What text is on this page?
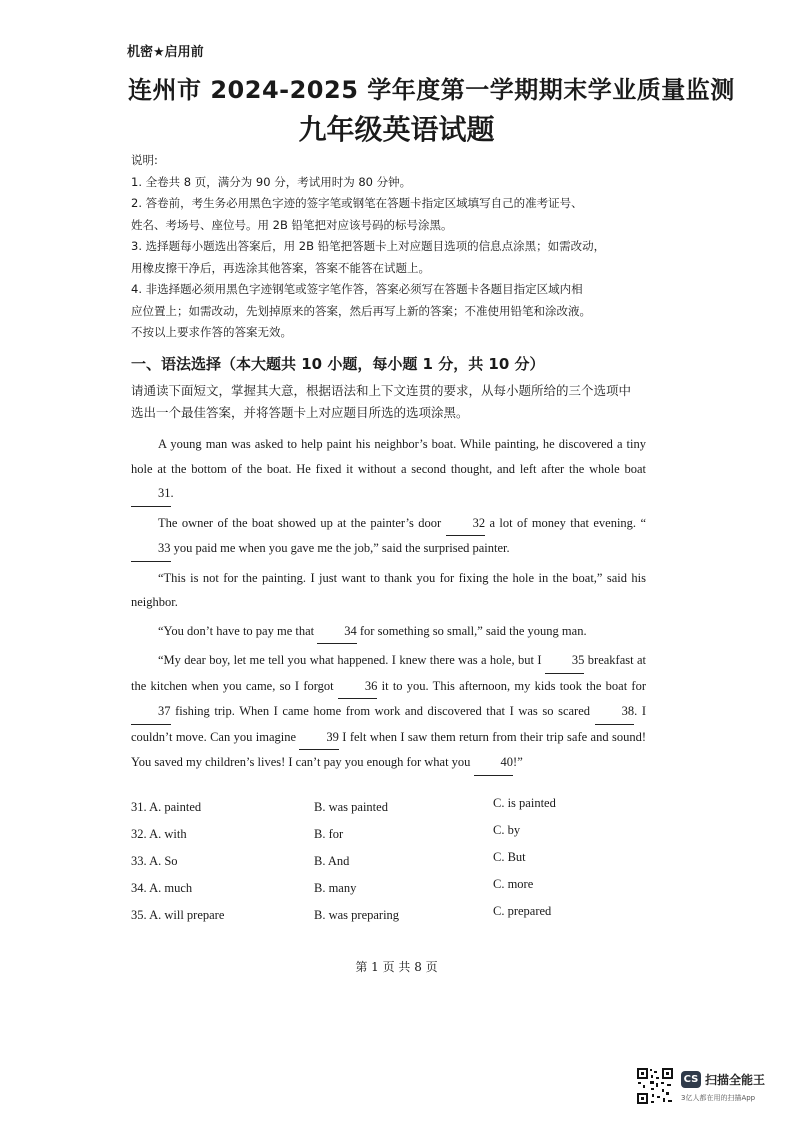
机密★启用前
连州市 2024-2025 学年度第一学期期末学业质量监测
九年级英语试题
说明:
1. 全卷共 8 页，满分为 90 分，考试用时为 80 分钟。
2. 答卷前，考生务必用黑色字迹的签字笔或钢笔在答题卡指定区域填写自己的准考证号、
姓名、考场号、座位号。用 2B 铅笔把对应该号码的标号涂黑。
3. 选择题每小题选出答案后，用 2B 铅笔把答题卡上对应题目选项的信息点涂黑；如需改动，
用橡皮擦干净后，再选涂其他答案，答案不能答在试题上。
4. 非选择题必须用黑色字迹钢笔或签字笔作答，答案必须写在答题卡各题目指定区域内相
应位置上；如需改动，先划掉原来的答案，然后再写上新的答案；不准使用铅笔和涂改液。
不按以上要求作答的答案无效。
一、语法选择（本大题共 10 小题，每小题 1 分，共 10 分）
请通读下面短文，掌握其大意，根据语法和上下文连贯的要求，从每小题所给的三个选项中
选出一个最佳答案，并将答题卡上对应题目所选的选项涂黑。

A young man was asked to help paint his neighbor’s boat. While painting, he discovered a tiny hole at the bottom of the boat. He fixed it without a second thought, and left after the whole boat 31.

The owner of the boat showed up at the painter’s door 32 a lot of money that evening. “33 you paid me when you gave me the job,” said the surprised painter.

“This is not for the painting. I just want to thank you for fixing the hole in the boat,” said his neighbor.

“You don’t have to pay me that 34 for something so small,” said the young man.

“My dear boy, let me tell you what happened. I knew there was a hole, but I 35 breakfast at the kitchen when you came, so I forgot 36 it to you. This afternoon, my kids took the boat for 37 fishing trip. When I came home from work and discovered that I was so scared 38. I couldn’t move. Can you imagine 39 I felt when I saw them return from their trip safe and sound! You saved my children’s lives! I can’t pay you enough for what you 40!”

31. A. painted	B. was painted	C. is painted
32. A. with	B. for	C. by
33. A. So	B. And	C. But
34. A. much	B. many	C. more
35. A. will prepare	B. was preparing	C. prepared
第 1 页 共 8 页
CS 扫描全能王
3亿人都在用的扫描App
